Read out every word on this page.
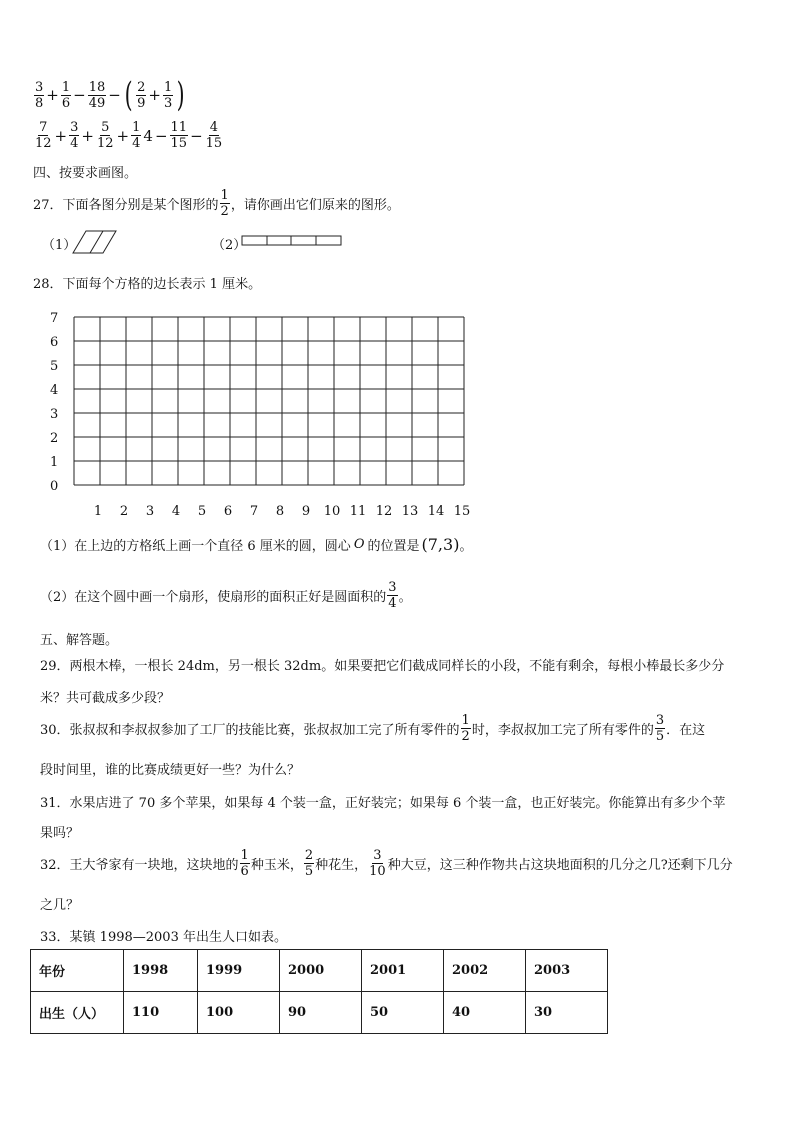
$\frac{3}{8} + \frac{1}{6} - \frac{18}{49}$ − ( $\frac{2}{9} + \frac{1}{3}$ )
$\frac{7}{12} + \frac{3}{4} + \frac{5}{12} + \frac{1}{4} 4 - \frac{11}{15} - \frac{4}{15}$
四、按要求画图。
27．下面各图分别是某个图形的 $\frac{1}{2}$ ，请你画出它们原来的图形。
（1）	（2）
28．下面每个方格的边长表示 1 厘米。
7
6
5
4
3
2
1
0
1 2 3 4 5 6 7 8 9 10 11 12 13 14 15
（1）在上边的方格纸上画一个直径 6 厘米的圆，圆心 O 的位置是 (7,3) 。
（2）在这个圆中画一个扇形，使扇形的面积正好是圆面积的 $\frac{3}{4}$ 。
五、解答题。
29．两根木棒，一根长 24dm，另一根长 32dm。如果要把它们截成同样长的小段，不能有剩余，每根小棒最长多少分
米？共可截成多少段？
30．张叔叔和李叔叔参加了工厂的技能比赛，张叔叔加工完了所有零件的 $\frac{1}{2}$ 时，李叔叔加工完了所有零件的 $\frac{3}{5}$ ．在这
段时间里，谁的比赛成绩更好一些？为什么？
31．水果店进了 70 多个苹果，如果每 4 个装一盒，正好装完；如果每 6 个装一盒，也正好装完。你能算出有多少个苹
果吗？
32．王大爷家有一块地，这块地的 $\frac{1}{6}$ 种玉米， $\frac{2}{5}$ 种花生， $\frac{3}{10}$ 种大豆，这三种作物共占这块地面积的几分之几?还剩下几分
之几？
33．某镇 1998—2003 年出生人口如表。
年份	1998	1999	2000	2001	2002	2003
出生（人）	110	100	90	50	40	30
